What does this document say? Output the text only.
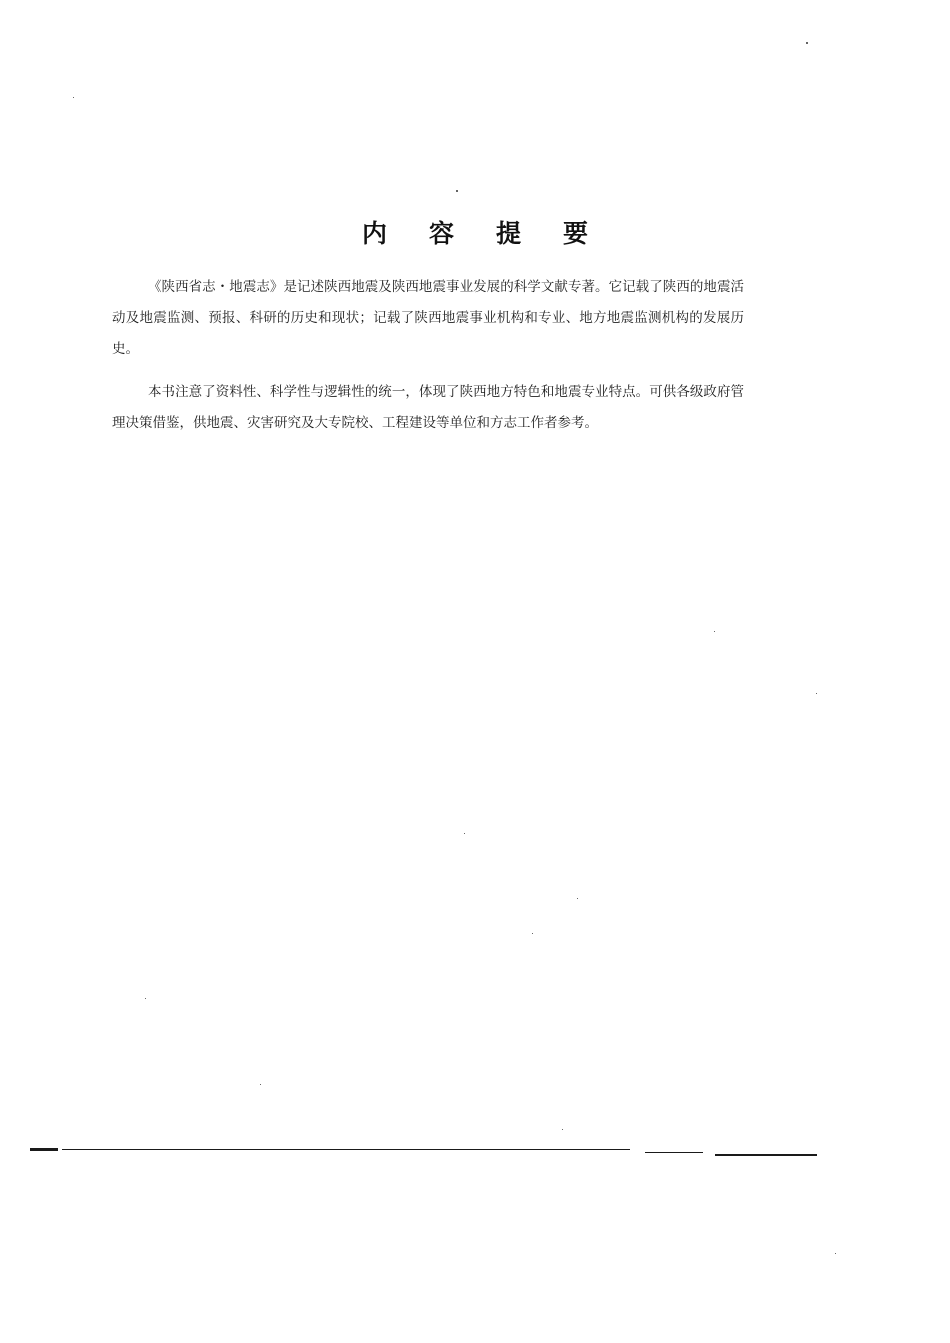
内容提要

《陕西省志・地震志》是记述陕西地震及陕西地震事业发展的科学文献专著。它记载了陕西的地震活动及地震监测、预报、科研的历史和现状；记载了陕西地震事业机构和专业、地方地震监测机构的发展历史。

本书注意了资料性、科学性与逻辑性的统一，体现了陕西地方特色和地震专业特点。可供各级政府管理决策借鉴，供地震、灾害研究及大专院校、工程建设等单位和方志工作者参考。
